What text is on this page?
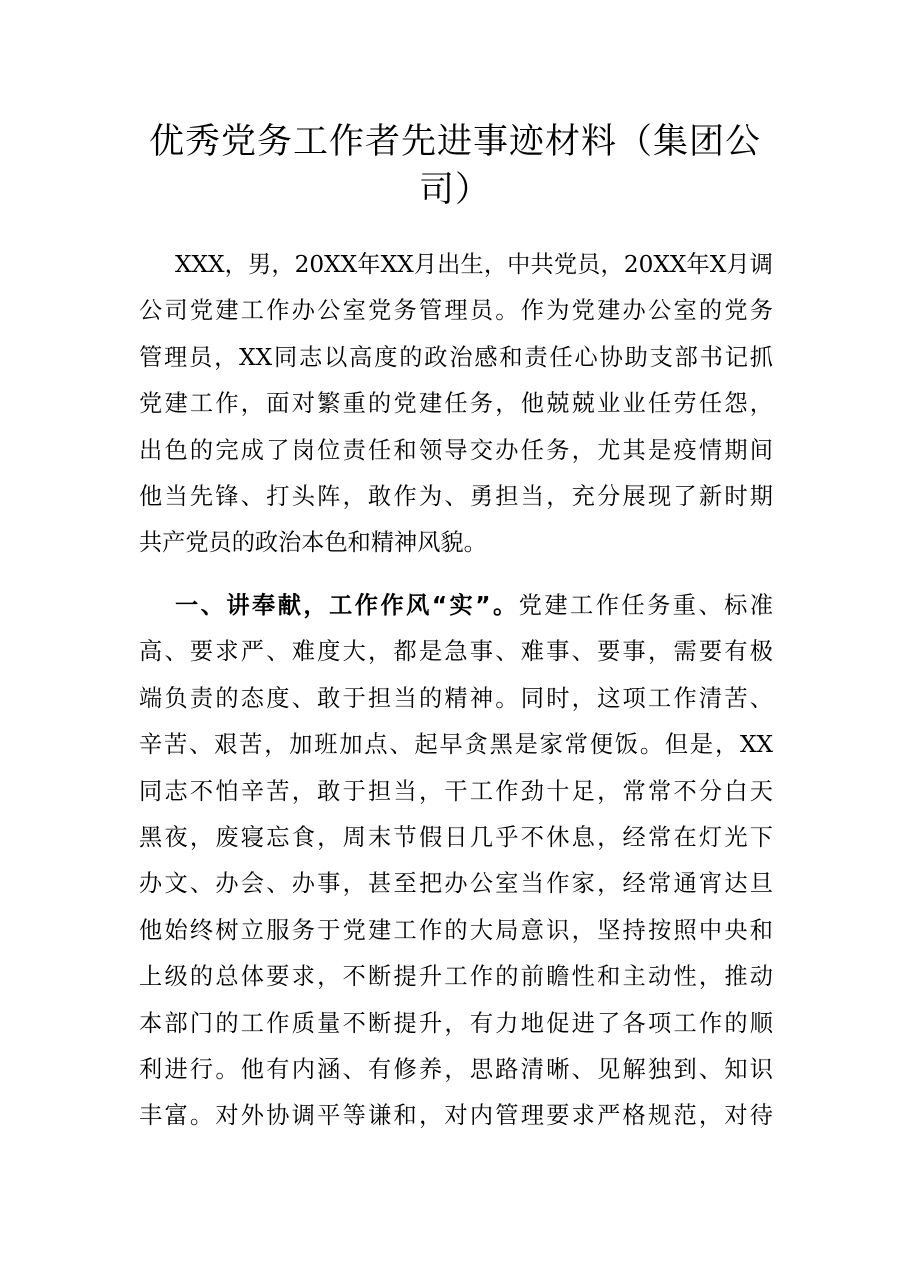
优秀党务工作者先进事迹材料（集团公
司）
XXX，男，20XX年XX月出生，中共党员，20XX年X月调
公司党建工作办公室党务管理员。作为党建办公室的党务
管理员，XX同志以高度的政治感和责任心协助支部书记抓
党建工作，面对繁重的党建任务，他兢兢业业任劳任怨，
出色的完成了岗位责任和领导交办任务，尤其是疫情期间
他当先锋、打头阵，敢作为、勇担当，充分展现了新时期
共产党员的政治本色和精神风貌。
一、讲奉献，工作作风“实”。党建工作任务重、标准
高、要求严、难度大，都是急事、难事、要事，需要有极
端负责的态度、敢于担当的精神。同时，这项工作清苦、
辛苦、艰苦，加班加点、起早贪黑是家常便饭。但是，XX
同志不怕辛苦，敢于担当，干工作劲十足，常常不分白天
黑夜，废寝忘食，周末节假日几乎不休息，经常在灯光下
办文、办会、办事，甚至把办公室当作家，经常通宵达旦
他始终树立服务于党建工作的大局意识，坚持按照中央和
上级的总体要求，不断提升工作的前瞻性和主动性，推动
本部门的工作质量不断提升，有力地促进了各项工作的顺
利进行。他有内涵、有修养，思路清晰、见解独到、知识
丰富。对外协调平等谦和，对内管理要求严格规范，对待
